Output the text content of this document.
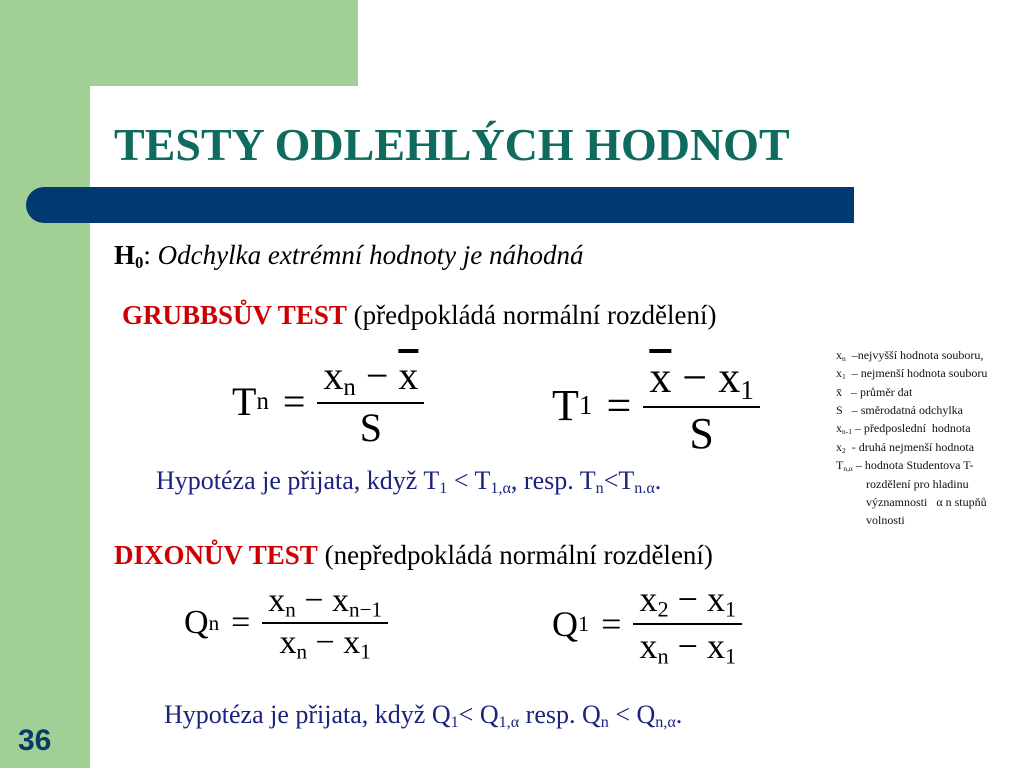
TESTY ODLEHLÝCH HODNOT
$H_0$: Odchylka extrémní hodnoty je náhodná
GRUBBSŮV TEST (předpokládá normální rozdělení)
T $n = \frac{x_n - \overline{x}}{S}$	T $1 = \frac{\overline{x} - x_1}{S}$
Hypotéza je přijata, když $T_1 < T_{1,\alpha}$, resp. $T_n<T_{n.\alpha}$.
$x_n$  –nejvyšší hodnota souboru,
$x_1$  – nejmenší hodnota souboru
x̄   – průměr dat
S   – směrodatná odchylka
$x_{n-1}$ – předposlední  hodnota
$x_2$  - druhá nejmenší hodnota
$T_{n,\alpha}$ – hodnota Studentova T-
rozdělení pro hladinu
významnosti   α n stupňů
volnosti
DIXONŮV TEST (nepředpokládá normální rozdělení)
Q $n = \frac{x_n - x_{n-1}}{x_n - x_1}$	Q $1 = \frac{x_2 - x_1}{x_n - x_1}$
Hypotéza je přijata, když $Q_1< Q_{1,\alpha}$ resp. $Q_n < Q_{n,\alpha}$.
36
